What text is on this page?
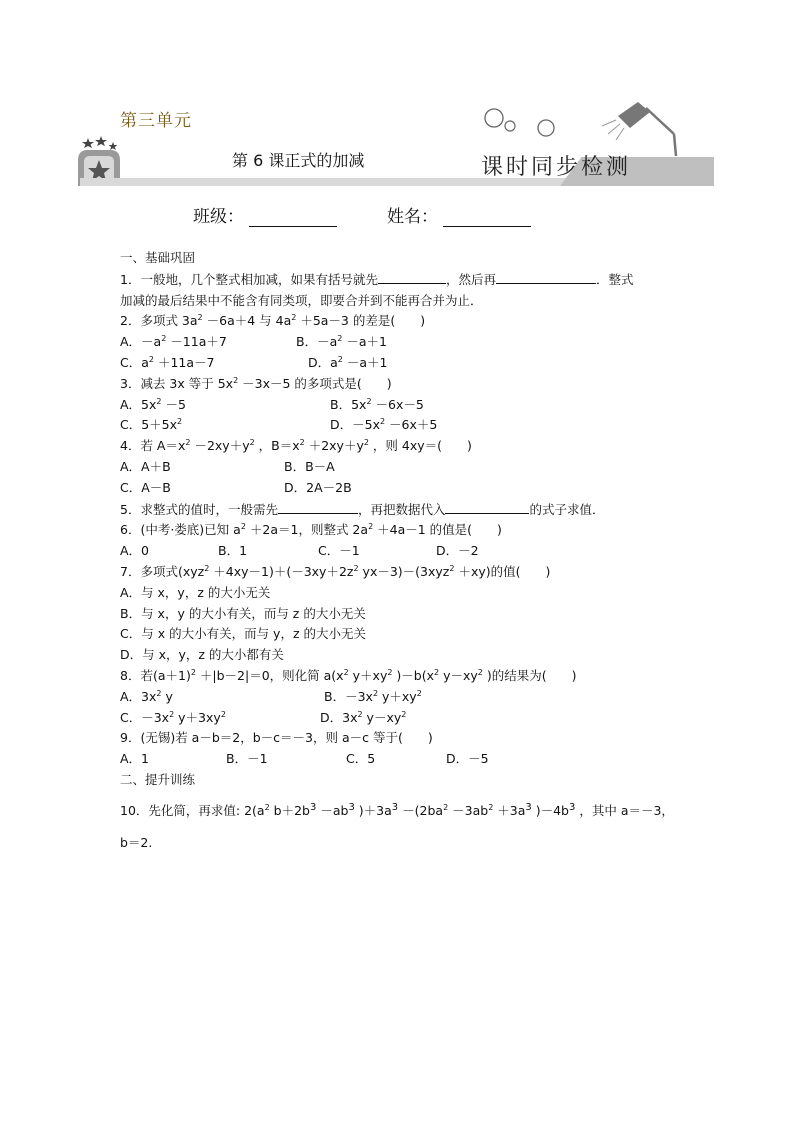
第三单元
第 6 课正式的加减	课时同步检测
班级：	姓名：

一、基础巩固

1．一般地，几个整式相加减，如果有括号就先	，然后再	．整式

加减的最后结果中不能含有同类项，即要合并到不能再合并为止．

2．多项式 $3a^2 -6a+4$ 与 $4a^2 +5a-3$ 的差是(　　)

A．$-a^2 -11a+7$	B．$-a^2 -a+1$

C．$a^2 +11a-7$	D．$a^2 -a+1$

3．减去 3x 等于 $5x^2 -3x-5$ 的多项式是(　　)

A．$5x^2 -5$	B．$5x^2 -6x-5$

C．$5+5x^2$	D．$-5x^2 -6x+5$

4．若 $A=x^2 -2xy+y^2$ ，$B=x^2 +2xy+y^2$ ，则 4xy＝(　　)

A．A＋B	B．B－A

C．A－B	D．2A－2B

5．求整式的值时，一般需先	，再把数据代入	的式子求值．

6．(中考·娄底)已知 $a^2 +2a=1$，则整式 $2a^2 +4a-1$ 的值是(　　)

A．0	B．1	C．－1	D．－2

7．多项式$(xyz^2 +4xy-1)+(-3xy+2z^2$ yx－3)－(3xyz$^2$ ＋xy)的值(　　)

A．与 x，y，z 的大小无关

B．与 x，y 的大小有关，而与 z 的大小无关

C．与 x 的大小有关，而与 y，z 的大小无关

D．与 x，y，z 的大小都有关

8．若$(a+1)^2 +|b-2|=0$，则化简 $a(x^2$ $y+xy^2$ )$-b(x^2$ $y-xy^2$ )的结果为(　　)

A．$3x^2$ y	B．$-3x^2$ $y+xy^2$

C．$-3x^2$ $y+3xy^2$	D．$3x^2$ $y-xy^2$

9．(无锡)若 a－b＝2，b－c＝－3，则 a－c 等于(　　)

A．1	B．－1	C．5	D．－5

二、提升训练

10．先化简，再求值: $2(a^2$ $b+2b^3 -ab^3$ )$+3a^3 -(2ba^2 -3ab^2 +3a^3$ )$-4b^3$ ，其中 a＝－3，

b＝2.
